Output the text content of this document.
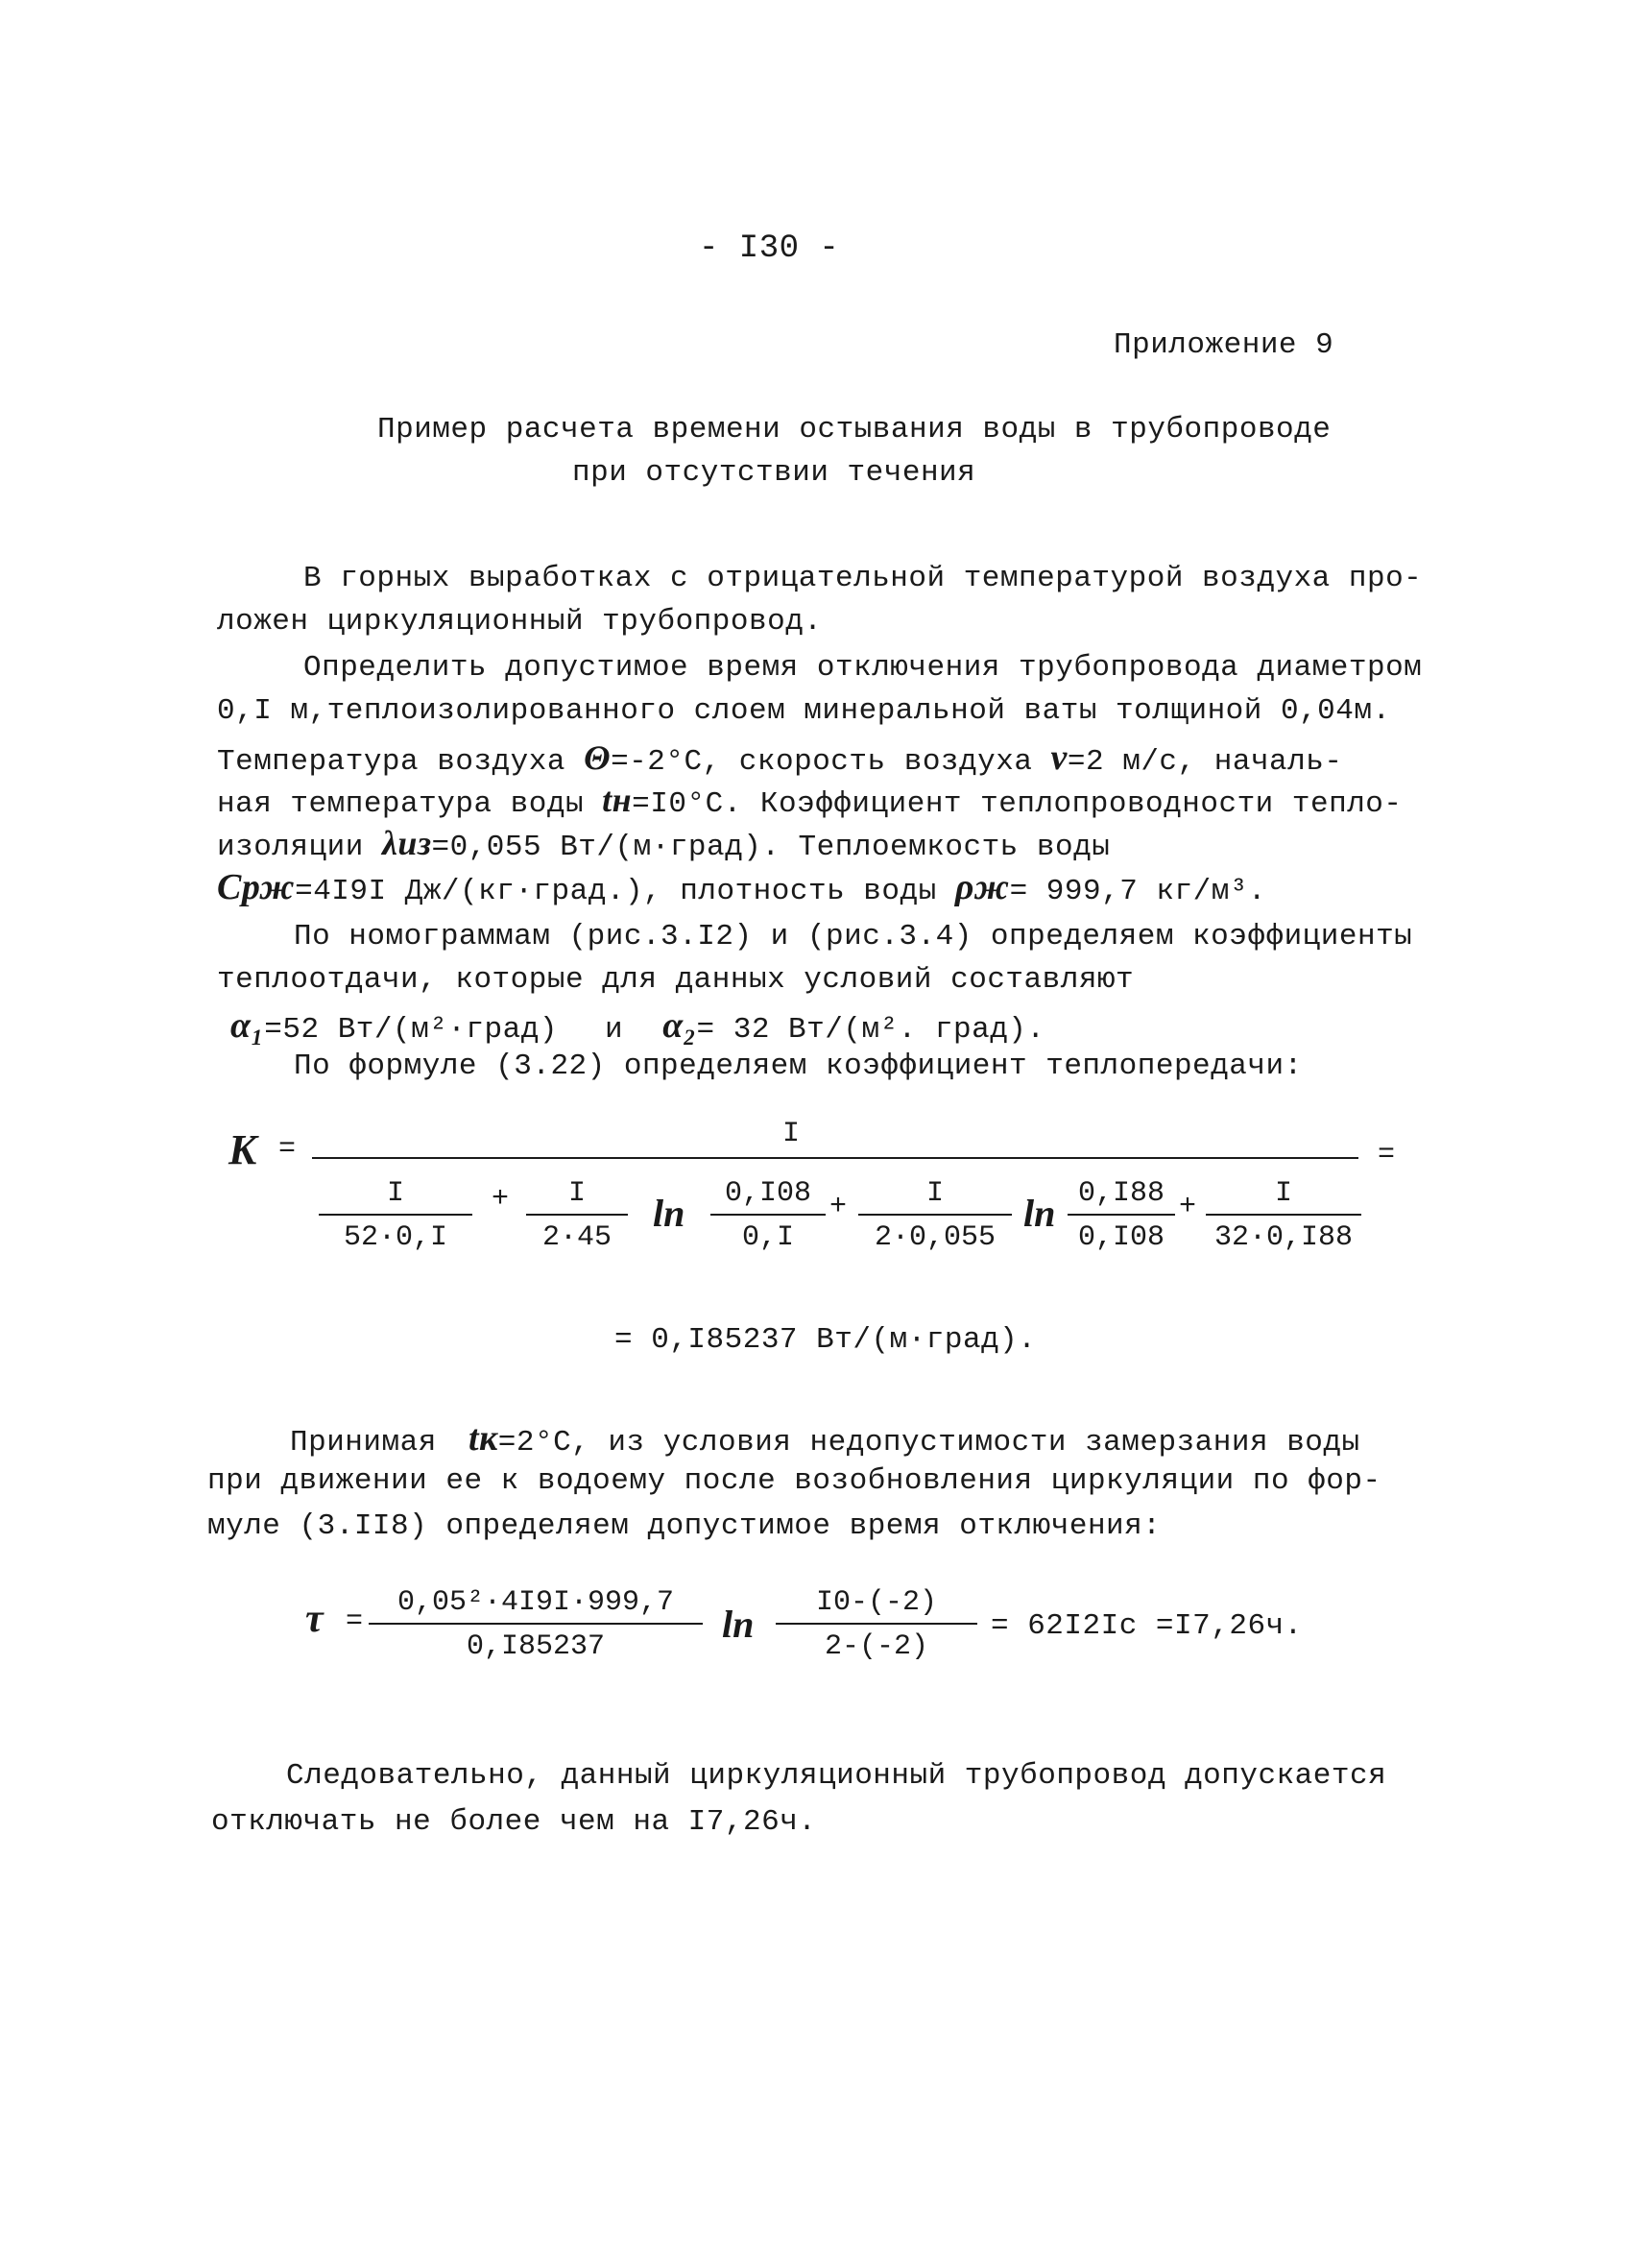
- I30 -
Приложение 9
Пример расчета времени остывания воды в трубопроводе
при отсутствии течения
В горных выработках с отрицательной температурой воздуха про-
ложен циркуляционный трубопровод.
Определить допустимое время отключения трубопровода диаметром
0,I м,теплоизолированного слоем минеральной ваты толщиной 0,04м.
Температура воздуха Θ=-2°С, скорость воздуха v=2 м/с, началь-
ная температура воды tн=I0°С. Коэффициент теплопроводности тепло-
изоляции λиз=0,055 Вт/(м·град). Теплоемкость воды
Cрж=4I9I Дж/(кг·град.), плотность воды ρж= 999,7 кг/м³.
По номограммам (рис.3.I2) и (рис.3.4) определяем коэффициенты
теплоотдачи, которые для данных условий составляют
α₁=52 Вт/(м²·град) и α₂= 32 Вт/(м². град).
По формуле (3.22) определяем коэффициент теплопередачи:
K =	I
=
I
52·0,I
+ I
2·45
ln 0,I08
0,I
+	I
2·0,055
ln 0,I88
0,I08
+	I
32·0,I88
= 0,I85237 Вт/(м·град).
Принимая tк=2°С, из условия недопустимости замерзания воды
при движении ее к водоему после возобновления циркуляции по фор-
муле (3.II8) определяем допустимое время отключения:
τ =
0,05²·4I9I·999,7
0,I85237
ln I0-(-2)
2-(-2)
= 62I2Iс =I7,26ч.
Следовательно, данный циркуляционный трубопровод допускается
отключать не более чем на I7,26ч.
